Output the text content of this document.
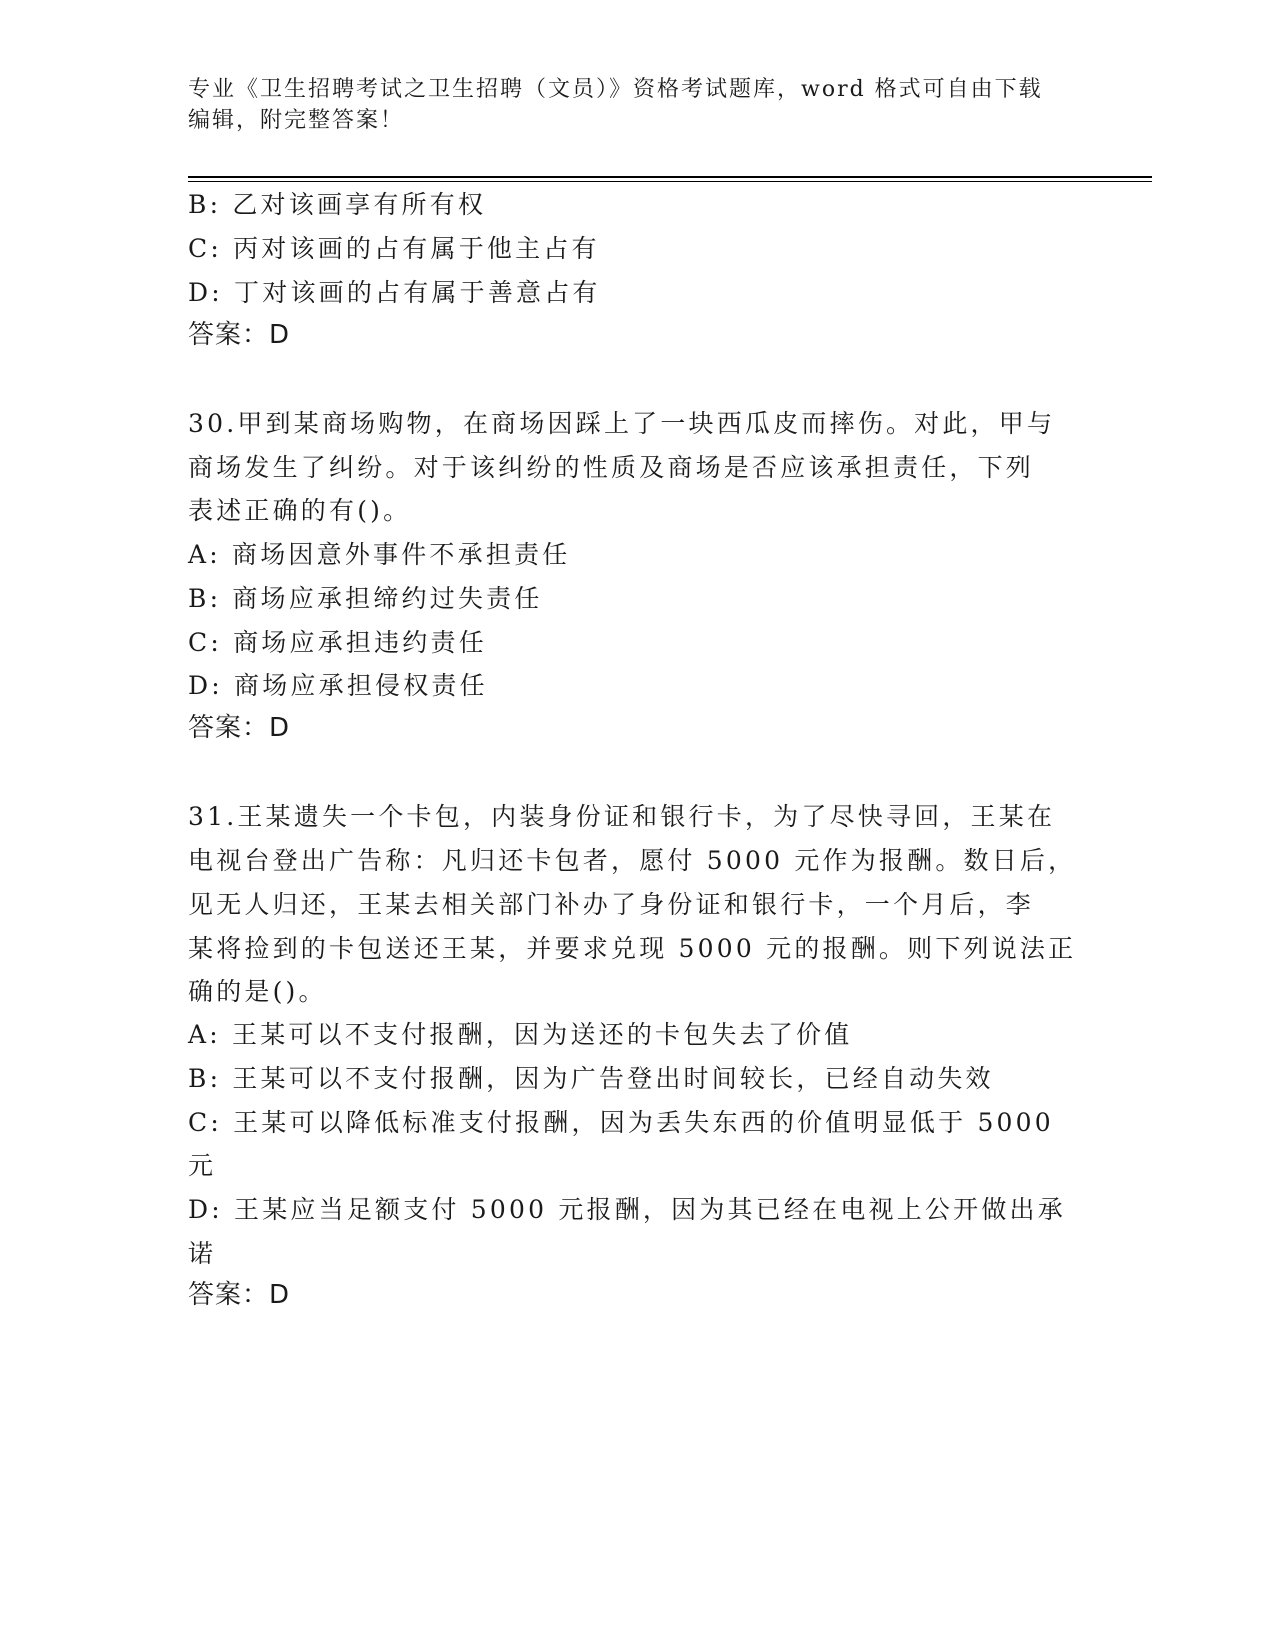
专业《卫生招聘考试之卫生招聘（文员）》资格考试题库，word 格式可自由下载
编辑，附完整答案！
B: 乙对该画享有所有权
C: 丙对该画的占有属于他主占有
D: 丁对该画的占有属于善意占有
答案：D
30.甲到某商场购物，在商场因踩上了一块西瓜皮而摔伤。对此，甲与
商场发生了纠纷。对于该纠纷的性质及商场是否应该承担责任，下列
表述正确的有()。
A: 商场因意外事件不承担责任
B: 商场应承担缔约过失责任
C: 商场应承担违约责任
D: 商场应承担侵权责任
答案：D
31.王某遗失一个卡包，内装身份证和银行卡，为了尽快寻回，王某在
电视台登出广告称：凡归还卡包者，愿付 5000 元作为报酬。数日后，
见无人归还，王某去相关部门补办了身份证和银行卡，一个月后，李
某将捡到的卡包送还王某，并要求兑现 5000 元的报酬。则下列说法正
确的是()。
A: 王某可以不支付报酬，因为送还的卡包失去了价值
B: 王某可以不支付报酬，因为广告登出时间较长，已经自动失效
C: 王某可以降低标准支付报酬，因为丢失东西的价值明显低于 5000
元
D: 王某应当足额支付 5000 元报酬，因为其已经在电视上公开做出承
诺
答案：D
